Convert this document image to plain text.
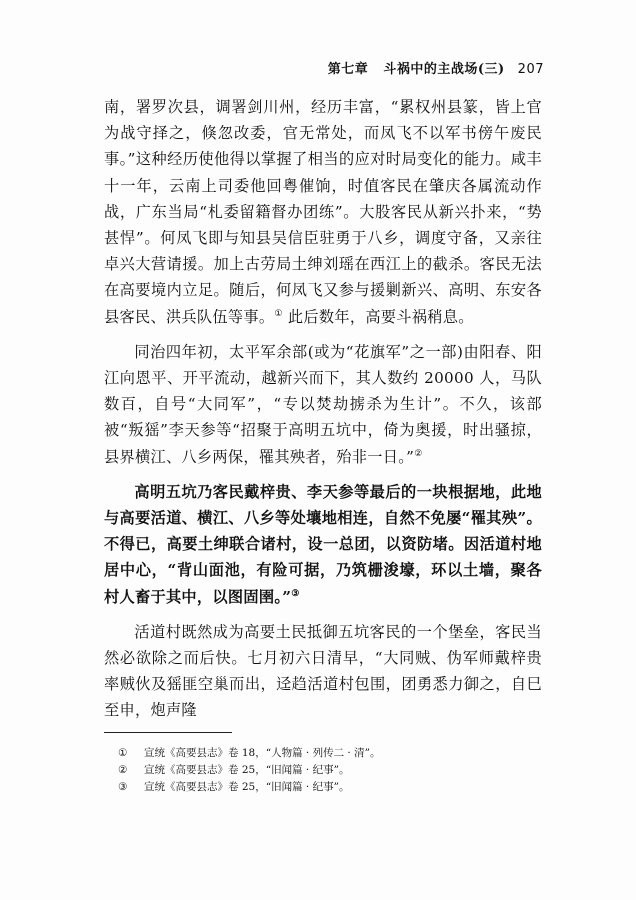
第七章 斗祸中的主战场(三) 207

南，署罗次县，调署剑川州，经历丰富，“累权州县篆，皆上官为战守择之，倏忽改委，官无常处，而凤飞不以军书傍午废民事。”这种经历使他得以掌握了相当的应对时局变化的能力。咸丰十一年，云南上司委他回粤催饷，时值客民在肇庆各属流动作战，广东当局“札委留籍督办团练”。大股客民从新兴扑来，“势甚悍”。何凤飞即与知县吴信臣驻勇于八乡，调度守备，又亲往卓兴大营请援。加上古劳局土绅刘瑶在西江上的截杀。客民无法在高要境内立足。随后，何凤飞又参与援剿新兴、高明、东安各县客民、洪兵队伍等事。① 此后数年，高要斗祸稍息。

同治四年初，太平军余部(或为“花旗军”之一部)由阳春、阳江向恩平、开平流动，越新兴而下，其人数约 20000 人，马队数百，自号“大同军”，“专以焚劫掳杀为生计”。不久，该部被“叛猺”李天参等“招聚于高明五坑中，倚为奥援，时出骚掠，县界横江、八乡两保，罹其殃者，殆非一日。”②

高明五坑乃客民戴梓贵、李天参等最后的一块根据地，此地与高要活道、横江、八乡等处壤地相连，自然不免屡“罹其殃”。不得已，高要土绅联合诸村，设一总团，以资防堵。因活道村地居中心，“背山面池，有险可据，乃筑栅浚壕，环以土墙，聚各村人畜于其中，以图固圉。”③

活道村既然成为高要土民抵御五坑客民的一个堡垒，客民当然必欲除之而后快。七月初六日清早，“大同贼、伪军师戴梓贵率贼伙及猺匪空巢而出，迳趋活道村包围，团勇悉力御之，自巳至申，炮声隆

① 宣统《高要县志》卷 18，“人物篇 · 列传二 · 清”。

② 宣统《高要县志》卷 25，“旧闻篇 · 纪事”。

③ 宣统《高要县志》卷 25，“旧闻篇 · 纪事”。
